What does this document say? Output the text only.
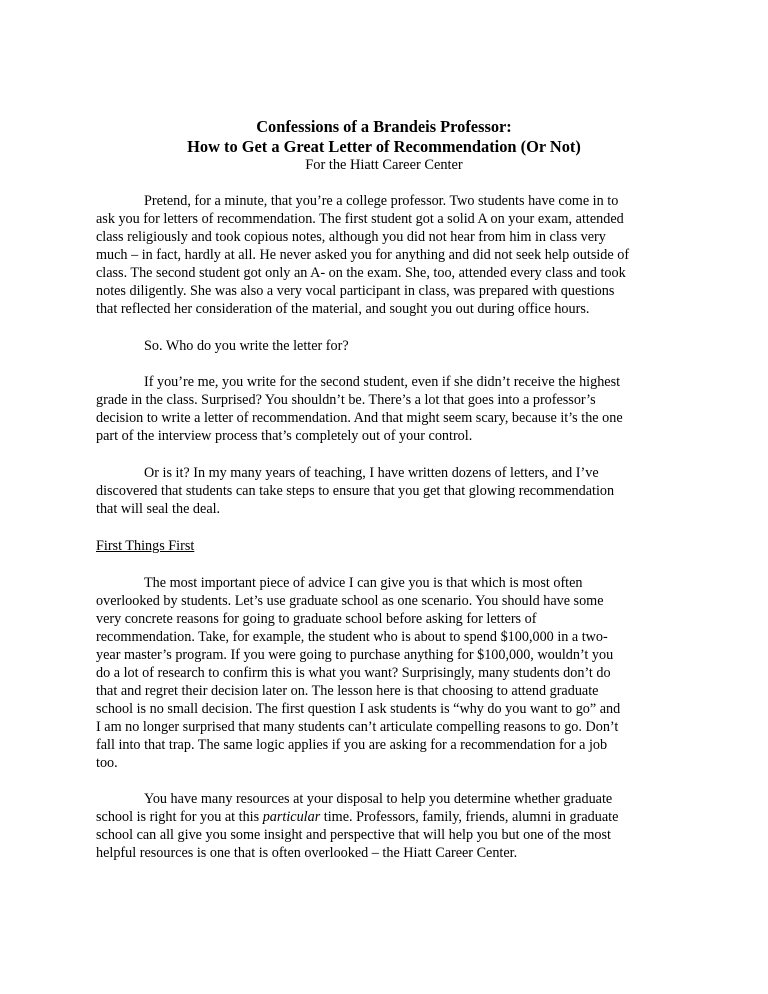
Confessions of a Brandeis Professor:

How to Get a Great Letter of Recommendation (Or Not)

For the Hiatt Career Center

Pretend, for a minute, that you’re a college professor. Two students have come in to
ask you for letters of recommendation. The first student got a solid A on your exam, attended
class religiously and took copious notes, although you did not hear from him in class very
much – in fact, hardly at all. He never asked you for anything and did not seek help outside of
class. The second student got only an A- on the exam. She, too, attended every class and took
notes diligently. She was also a very vocal participant in class, was prepared with questions
that reflected her consideration of the material, and sought you out during office hours.
So. Who do you write the letter for?
If you’re me, you write for the second student, even if she didn’t receive the highest
grade in the class. Surprised? You shouldn’t be. There’s a lot that goes into a professor’s
decision to write a letter of recommendation. And that might seem scary, because it’s the one
part of the interview process that’s completely out of your control.
Or is it? In my many years of teaching, I have written dozens of letters, and I’ve
discovered that students can take steps to ensure that you get that glowing recommendation
that will seal the deal.

First Things First

The most important piece of advice I can give you is that which is most often
overlooked by students. Let’s use graduate school as one scenario. You should have some
very concrete reasons for going to graduate school before asking for letters of
recommendation. Take, for example, the student who is about to spend $100,000 in a two-
year master’s program. If you were going to purchase anything for $100,000, wouldn’t you
do a lot of research to confirm this is what you want? Surprisingly, many students don’t do
that and regret their decision later on. The lesson here is that choosing to attend graduate
school is no small decision. The first question I ask students is “why do you want to go” and
I am no longer surprised that many students can’t articulate compelling reasons to go. Don’t
fall into that trap. The same logic applies if you are asking for a recommendation for a job
too.
You have many resources at your disposal to help you determine whether graduate
school is right for you at this particular time. Professors, family, friends, alumni in graduate
school can all give you some insight and perspective that will help you but one of the most
helpful resources is one that is often overlooked – the Hiatt Career Center.
